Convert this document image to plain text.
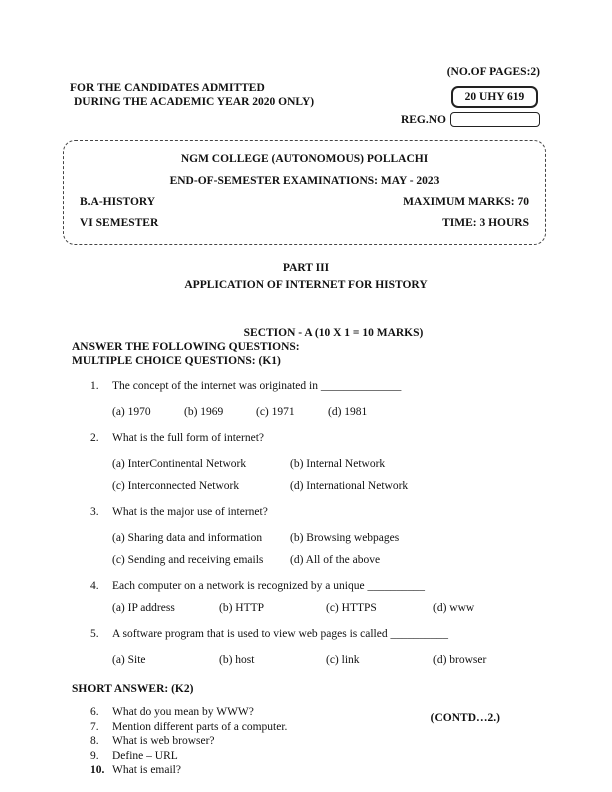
(NO.OF PAGES:2)
FOR THE CANDIDATES ADMITTED
DURING THE ACADEMIC YEAR 2020 ONLY)	20 UHY 619
REG.NO
NGM COLLEGE (AUTONOMOUS) POLLACHI
END-OF-SEMESTER EXAMINATIONS: MAY - 2023
B.A-HISTORY	MAXIMUM MARKS: 70
VI SEMESTER	TIME: 3 HOURS
PART III
APPLICATION OF INTERNET FOR HISTORY
SECTION - A (10 X 1 = 10 MARKS)
ANSWER THE FOLLOWING QUESTIONS:
MULTIPLE CHOICE QUESTIONS: (K1)
1.	The concept of the internet was originated in ______________
(a) 1970	(b) 1969	(c) 1971	(d) 1981
2.	What is the full form of internet?
(a) InterContinental Network	(b) Internal Network
(c) Interconnected Network	(d) International Network
3.	What is the major use of internet?
(a) Sharing data and information	(b) Browsing webpages
(c) Sending and receiving emails	(d) All of the above
4.	Each computer on a network is recognized by a unique __________
(a) IP address	(b) HTTP	(c) HTTPS	(d) www
5.	A software program that is used to view web pages is called __________
(a) Site	(b) host	(c) link	(d) browser
SHORT ANSWER: (K2)
6.	What do you mean by WWW?
7.	Mention different parts of a computer.
8.	What is web browser?
9.	Define – URL
10. What is email?
(CONTD…2.)
